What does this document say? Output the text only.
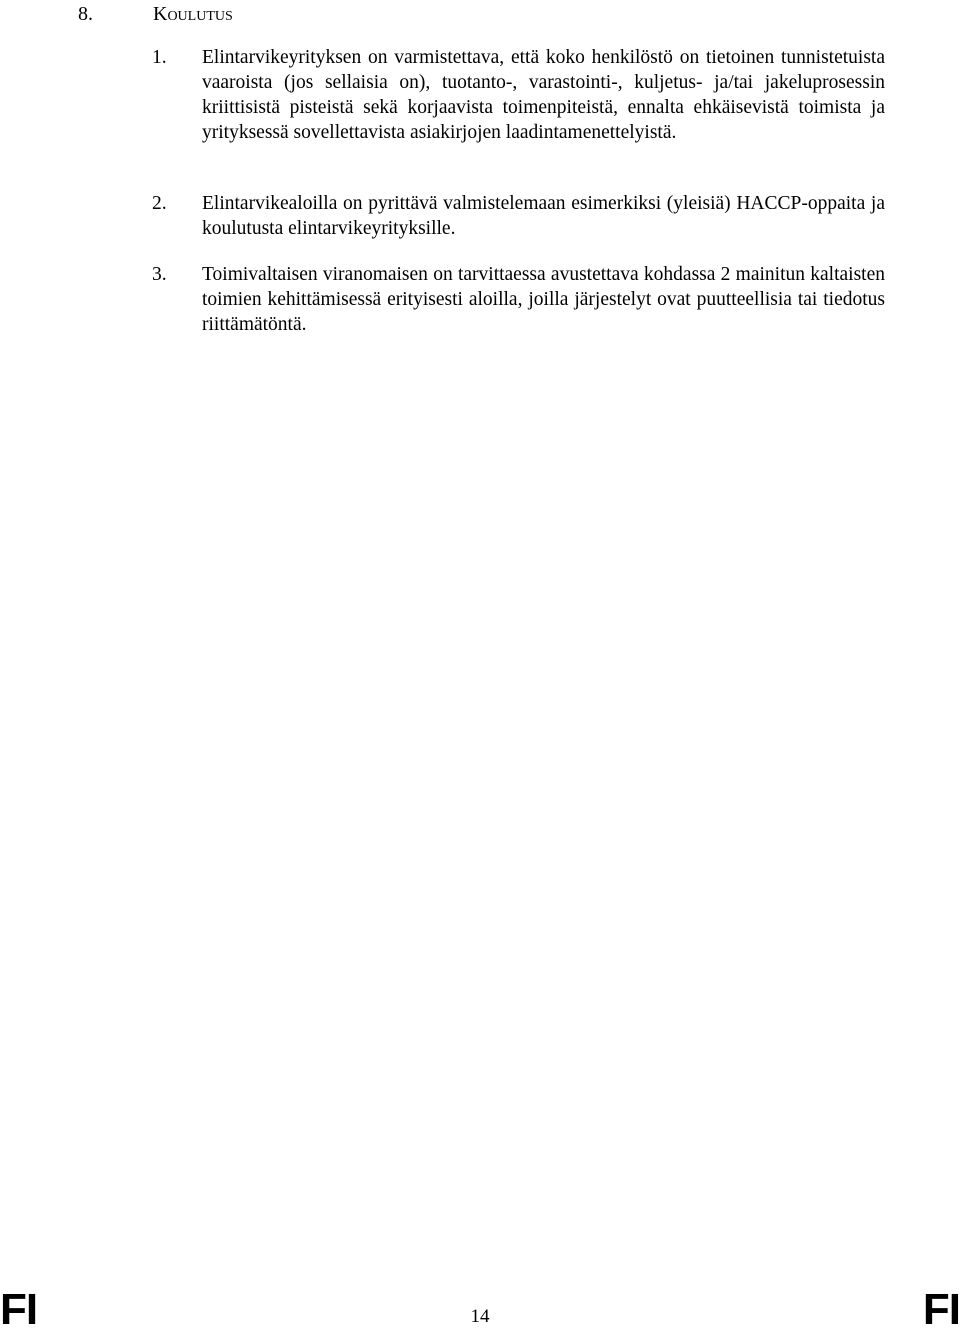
8.	Koulutus
1. Elintarvikeyrityksen on varmistettava, että koko henkilöstö on tietoinen tunnistetuista vaaroista (jos sellaisia on), tuotanto-, varastointi-, kuljetus- ja/tai jakeluprosessin kriittisistä pisteistä sekä korjaavista toimenpiteistä, ennalta ehkäisevistä toimista ja yrityksessä sovellettavista asiakirjojen laadintamenettelyistä.
2. Elintarvikealoilla on pyrittävä valmistelemaan esimerkiksi (yleisiä) HACCP-oppaita ja koulutusta elintarvikeyrityksille.
3. Toimivaltaisen viranomaisen on tarvittaessa avustettava kohdassa 2 mainitun kaltaisten toimien kehittämisessä erityisesti aloilla, joilla järjestelyt ovat puutteellisia tai tiedotus riittämätöntä.
FI	14	FI
